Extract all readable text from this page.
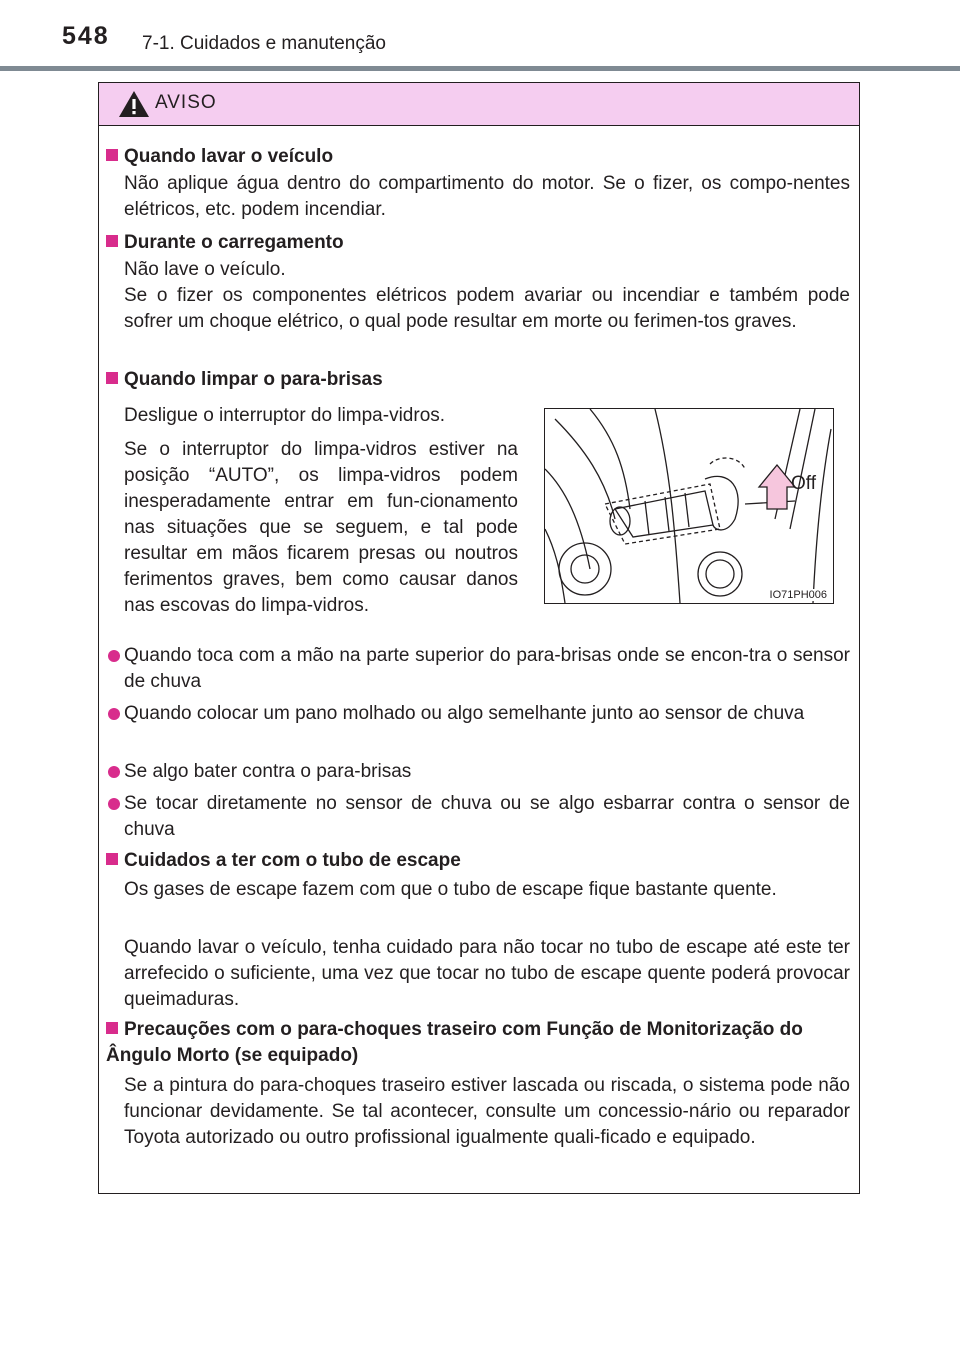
548 7-1. Cuidados e manutenção
AVISO
Quando lavar o veículo
Não aplique água dentro do compartimento do motor. Se o fizer, os compo-nentes elétricos, etc. podem incendiar.
Durante o carregamento
Não lave o veículo.
Se o fizer os componentes elétricos podem avariar ou incendiar e também pode sofrer um choque elétrico, o qual pode resultar em morte ou ferimen-tos graves.
Quando limpar o para-brisas
Desligue o interruptor do limpa-vidros.
Se o interruptor do limpa-vidros estiver na posição “AUTO”, os limpa-vidros podem inesperadamente entrar em fun-cionamento nas situações que se seguem, e tal pode resultar em mãos ficarem presas ou noutros ferimentos graves, bem como causar danos nas escovas do limpa-vidros.
Off
IO71PH006
Quando toca com a mão na parte superior do para-brisas onde se encon-tra o sensor de chuva
Quando colocar um pano molhado ou algo semelhante junto ao sensor de chuva
Se algo bater contra o para-brisas
Se tocar diretamente no sensor de chuva ou se algo esbarrar contra o sensor de chuva
Cuidados a ter com o tubo de escape
Os gases de escape fazem com que o tubo de escape fique bastante quente.
Quando lavar o veículo, tenha cuidado para não tocar no tubo de escape até este ter arrefecido o suficiente, uma vez que tocar no tubo de escape quente poderá provocar queimaduras.
Precauções com o para-choques traseiro com Função de Monitorização do Ângulo Morto (se equipado)
Se a pintura do para-choques traseiro estiver lascada ou riscada, o sistema pode não funcionar devidamente. Se tal acontecer, consulte um concessio-nário ou reparador Toyota autorizado ou outro profissional igualmente quali-ficado e equipado.
